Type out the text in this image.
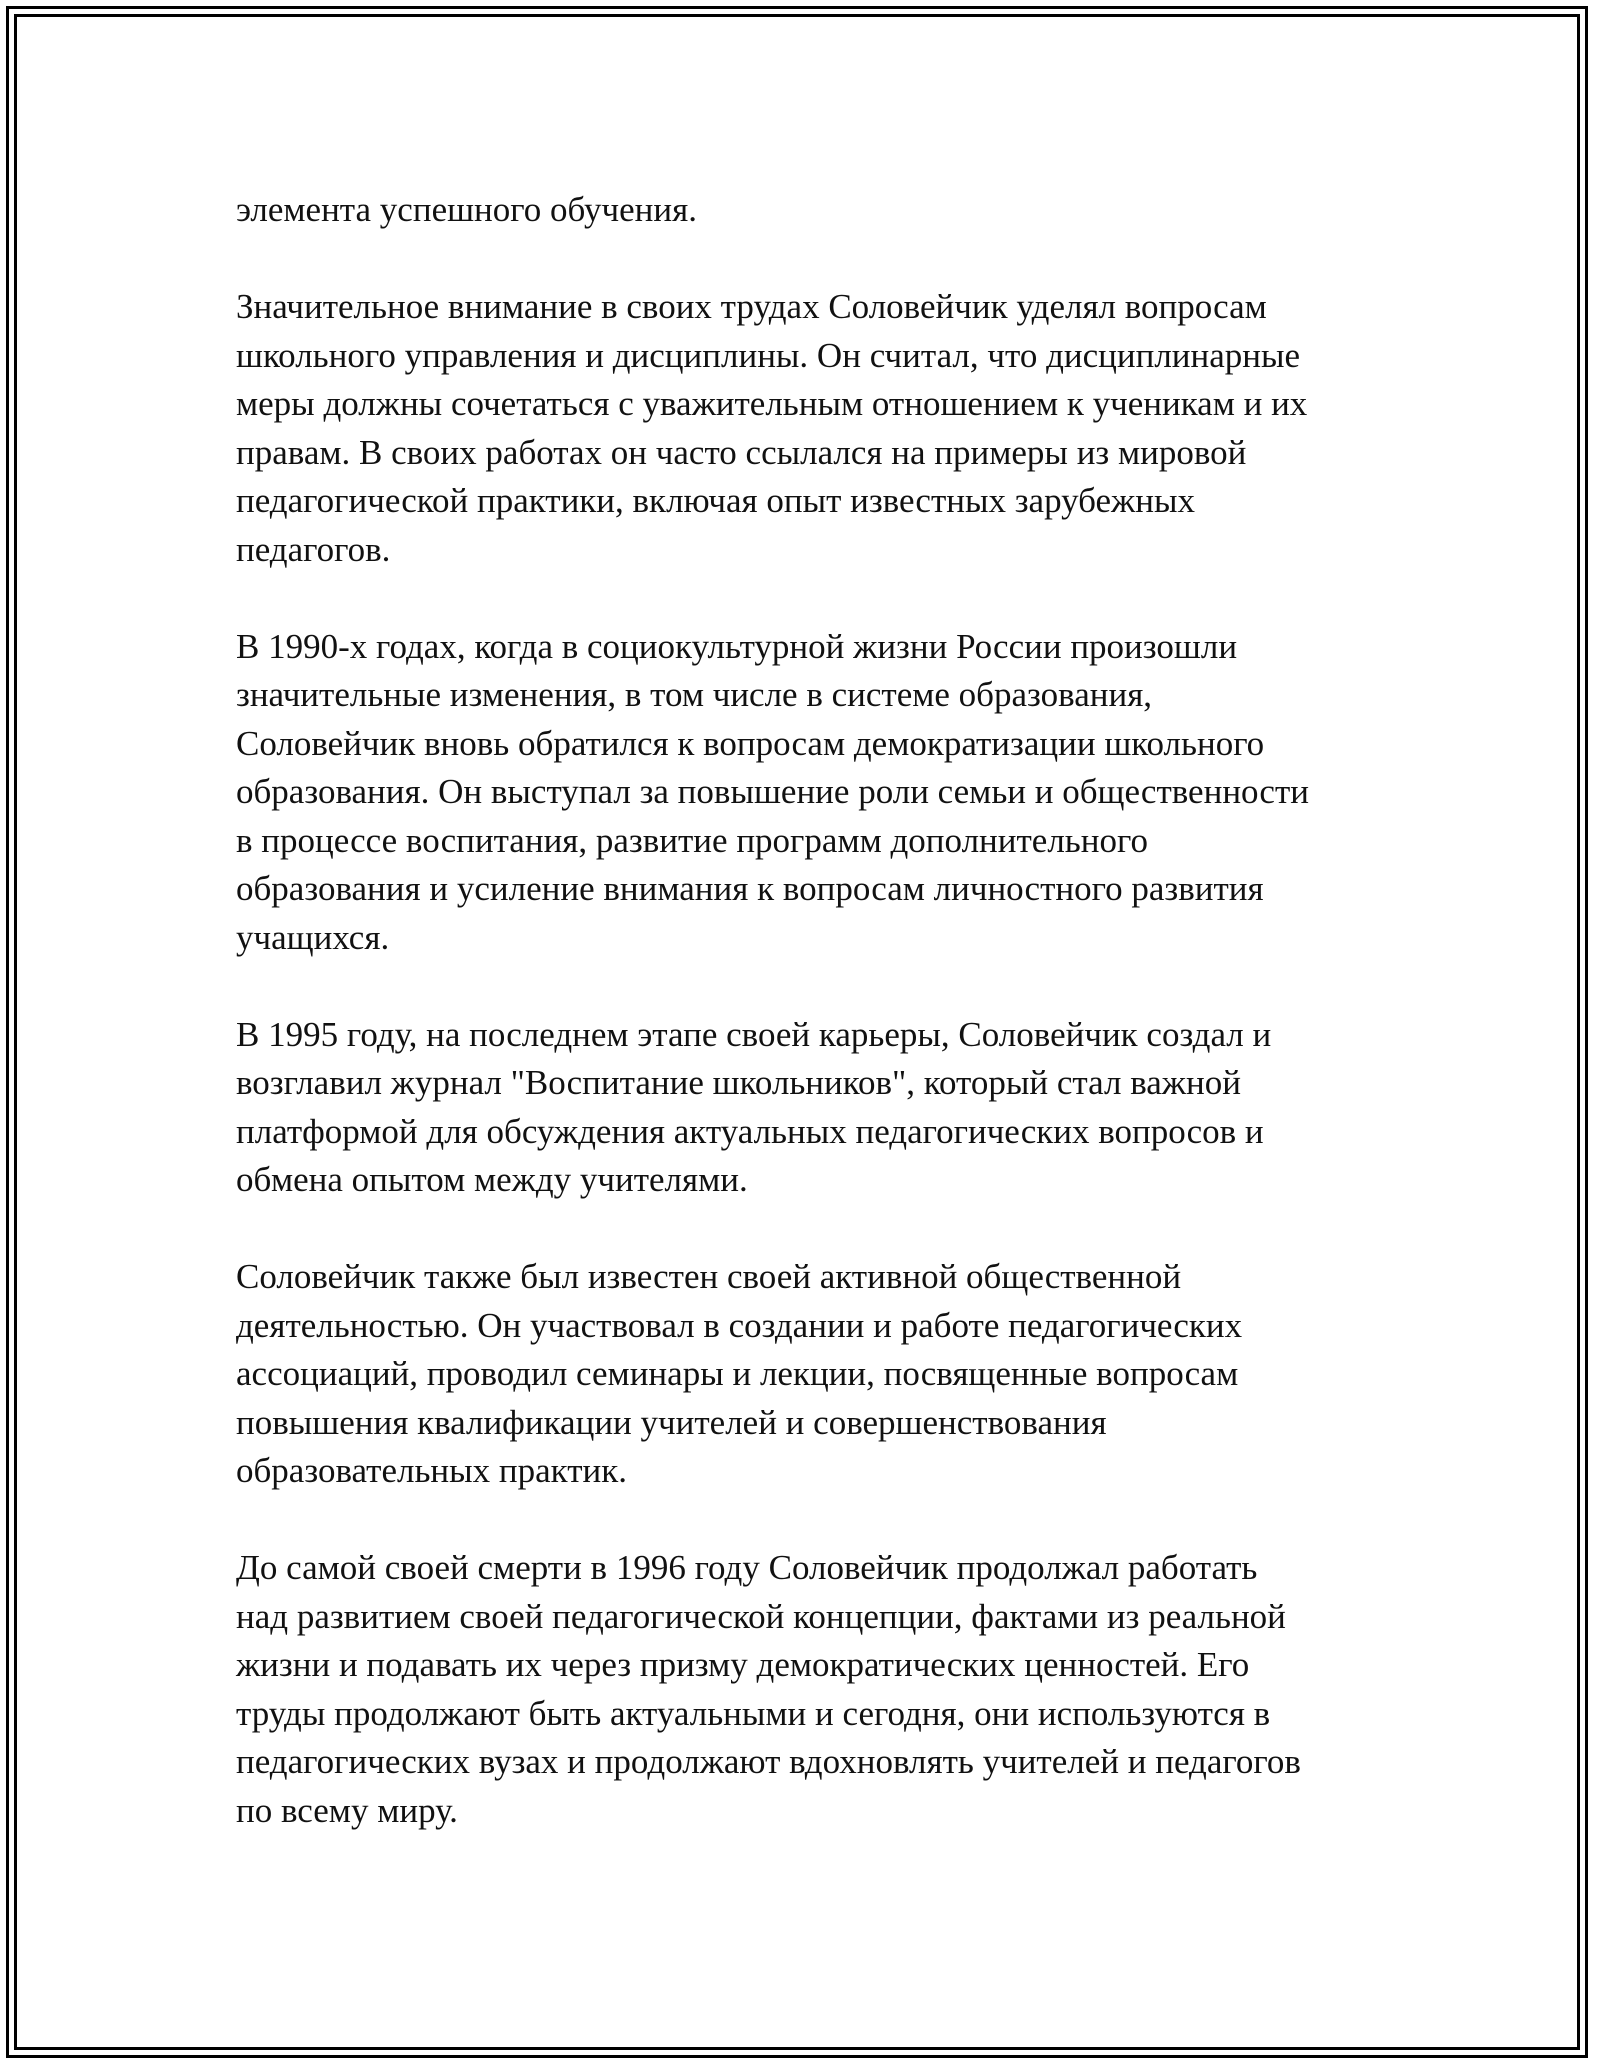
элемента успешного обучения.

Значительное внимание в своих трудах Соловейчик уделял вопросам
школьного управления и дисциплины. Он считал, что дисциплинарные
меры должны сочетаться с уважительным отношением к ученикам и их
правам. В своих работах он часто ссылался на примеры из мировой
педагогической практики, включая опыт известных зарубежных
педагогов.

В 1990-х годах, когда в социокультурной жизни России произошли
значительные изменения, в том числе в системе образования,
Соловейчик вновь обратился к вопросам демократизации школьного
образования. Он выступал за повышение роли семьи и общественности
в процессе воспитания, развитие программ дополнительного
образования и усиление внимания к вопросам личностного развития
учащихся.

В 1995 году, на последнем этапе своей карьеры, Соловейчик создал и
возглавил журнал "Воспитание школьников", который стал важной
платформой для обсуждения актуальных педагогических вопросов и
обмена опытом между учителями.

Соловейчик также был известен своей активной общественной
деятельностью. Он участвовал в создании и работе педагогических
ассоциаций, проводил семинары и лекции, посвященные вопросам
повышения квалификации учителей и совершенствования
образовательных практик.

До самой своей смерти в 1996 году Соловейчик продолжал работать
над развитием своей педагогической концепции, фактами из реальной
жизни и подавать их через призму демократических ценностей. Его
труды продолжают быть актуальными и сегодня, они используются в
педагогических вузах и продолжают вдохновлять учителей и педагогов
по всему миру.
